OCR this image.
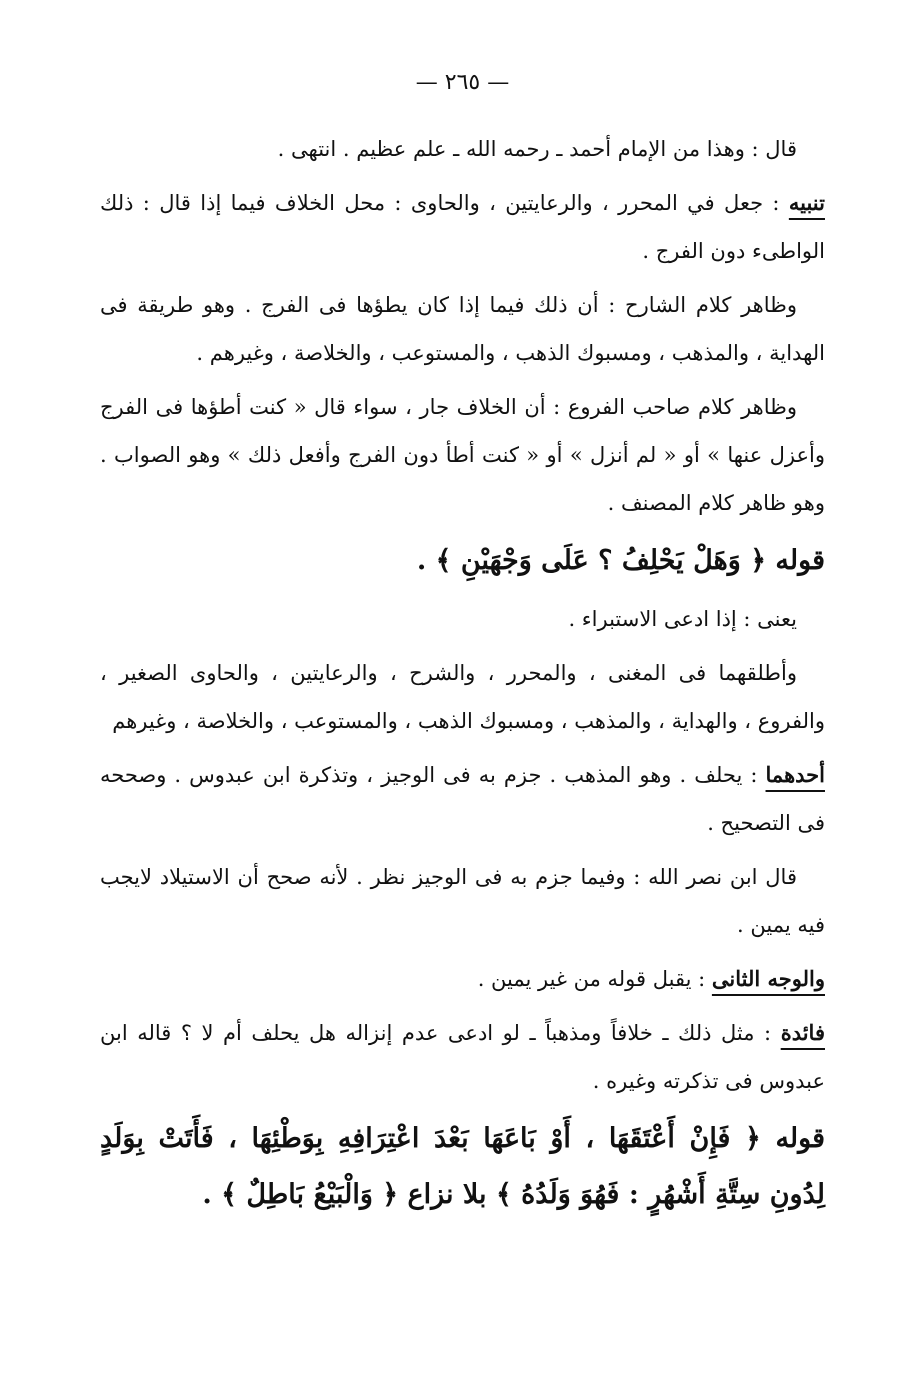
— ٢٦٥ —

قال : وهذا من الإمام أحمد ـ رحمه الله ـ علم عظيم . انتهى .

تنبيه : جعل في المحرر ، والرعايتين ، والحاوى : محل الخلاف فيما إذا قال : ذلك الواطىء دون الفرج .

وظاهر كلام الشارح : أن ذلك فيما إذا كان يطؤها فى الفرج . وهو طريقة فى الهداية ، والمذهب ، ومسبوك الذهب ، والمستوعب ، والخلاصة ، وغيرهم .

وظاهر كلام صاحب الفروع : أن الخلاف جار ، سواء قال « كنت أطؤها فى الفرج وأعزل عنها » أو « لم أنزل » أو « كنت أطأ دون الفرج وأفعل ذلك » وهو الصواب . وهو ظاهر كلام المصنف .

قوله ﴿ وَهَلْ يَحْلِفُ ؟ عَلَى وَجْهَيْنِ ﴾ .

يعنى : إذا ادعى الاستبراء .

وأطلقهما فى المغنى ، والمحرر ، والشرح ، والرعايتين ، والحاوى الصغير ، والفروع ، والهداية ، والمذهب ، ومسبوك الذهب ، والمستوعب ، والخلاصة ، وغيرهم

أحدهما : يحلف . وهو المذهب . جزم به فى الوجيز ، وتذكرة ابن عبدوس . وصححه فى التصحيح .

قال ابن نصر الله : وفيما جزم به فى الوجيز نظر . لأنه صحح أن الاستيلاد لايجب فيه يمين .

والوجه الثانى : يقبل قوله من غير يمين .

فائدة : مثل ذلك ـ خلافاً ومذهباً ـ لو ادعى عدم إنزاله هل يحلف أم لا ؟ قاله ابن عبدوس فى تذكرته وغيره .

قوله ﴿ فَإِنْ أَعْتَقَهَا ، أَوْ بَاعَهَا بَعْدَ اعْتِرَافِهِ بِوَطْئِهَا ، فَأَتَتْ بِوَلَدٍ لِدُونِ سِتَّةِ أَشْهُرٍ : فَهُوَ وَلَدُهُ ﴾ بلا نزاع ﴿ وَالْبَيْعُ بَاطِلٌ ﴾ .
